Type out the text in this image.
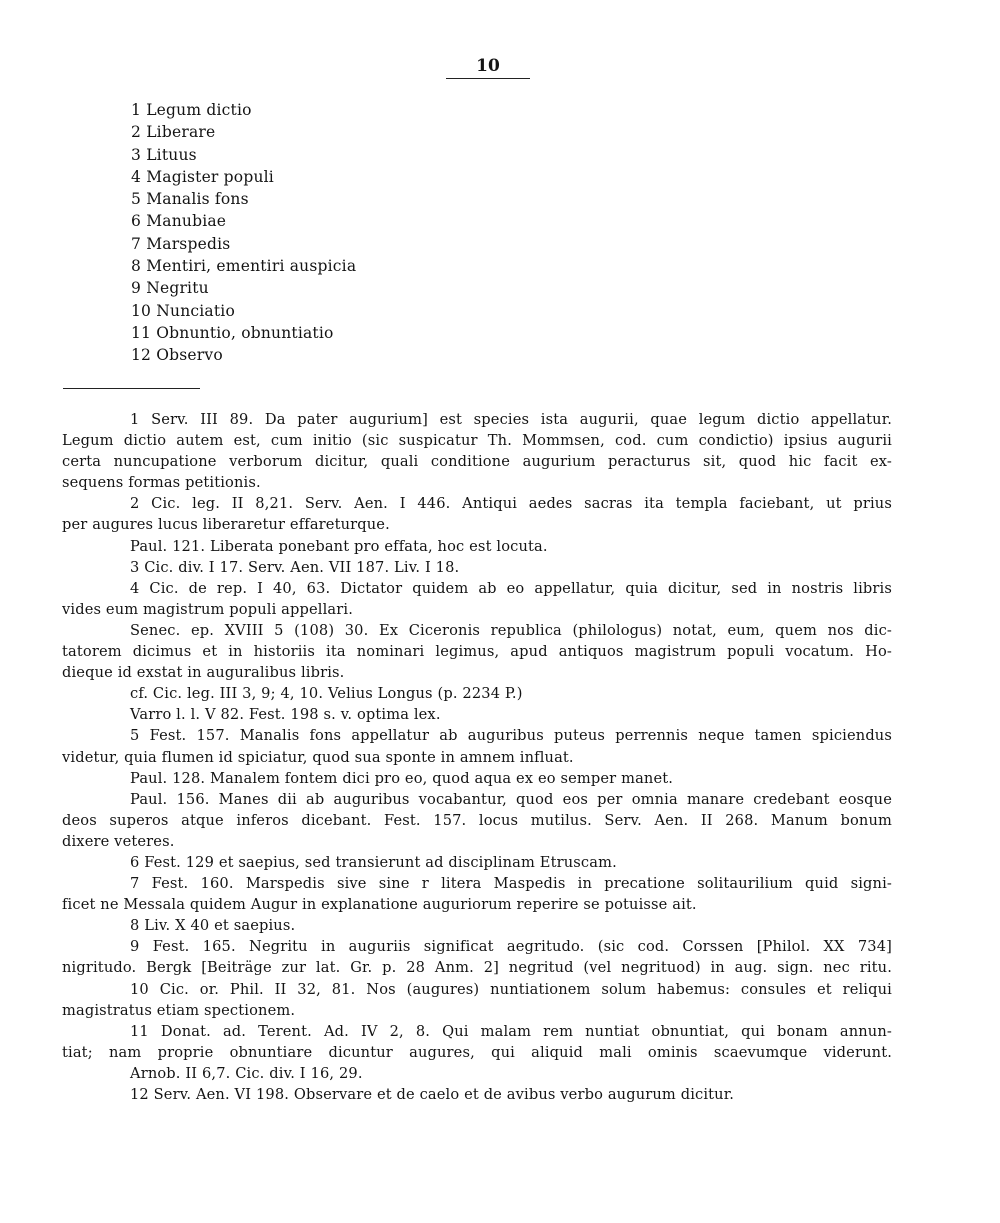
10
1 Legum dictio
2 Liberare
3 Lituus
4 Magister populi
5 Manalis fons
6 Manubiae
7 Marspedis
8 Mentiri, ementiri auspicia
9 Negritu
10 Nunciatio
11 Obnuntio, obnuntiatio
12 Observo
1 Serv. III 89. Da pater augurium] est species ista augurii, quae legum dictio appellatur.
Legum dictio autem est, cum initio (sic suspicatur Th. Mommsen, cod. cum condictio) ipsius augurii
certa nuncupatione verborum dicitur, quali conditione augurium peracturus sit, quod hic facit ex-
sequens formas petitionis.
2 Cic. leg. II 8,21. Serv. Aen. I 446. Antiqui aedes sacras ita templa faciebant, ut prius
per augures lucus liberaretur effareturque.
Paul. 121. Liberata ponebant pro effata, hoc est locuta.
3 Cic. div. I 17. Serv. Aen. VII 187. Liv. I 18.
4 Cic. de rep. I 40, 63. Dictator quidem ab eo appellatur, quia dicitur, sed in nostris libris
vides eum magistrum populi appellari.
Senec. ep. XVIII 5 (108) 30. Ex Ciceronis republica (philologus) notat, eum, quem nos dic-
tatorem dicimus et in historiis ita nominari legimus, apud antiquos magistrum populi vocatum. Ho-
dieque id exstat in auguralibus libris.
cf. Cic. leg. III 3, 9; 4, 10. Velius Longus (p. 2234 P.)
Varro l. l. V 82. Fest. 198 s. v. optima lex.
5 Fest. 157. Manalis fons appellatur ab auguribus puteus perrennis neque tamen spiciendus
videtur, quia flumen id spiciatur, quod sua sponte in amnem influat.
Paul. 128. Manalem fontem dici pro eo, quod aqua ex eo semper manet.
Paul. 156. Manes dii ab auguribus vocabantur, quod eos per omnia manare credebant eosque
deos superos atque inferos dicebant. Fest. 157. locus mutilus. Serv. Aen. II 268. Manum bonum
dixere veteres.
6 Fest. 129 et saepius, sed transierunt ad disciplinam Etruscam.
7 Fest. 160. Marspedis sive sine r litera Maspedis in precatione solitaurilium quid signi-
ficet ne Messala quidem Augur in explanatione auguriorum reperire se potuisse ait.
8 Liv. X 40 et saepius.
9 Fest. 165. Negritu in auguriis significat aegritudo. (sic cod. Corssen [Philol. XX 734]
nigritudo. Bergk [Beiträge zur lat. Gr. p. 28 Anm. 2] negritud (vel negrituod) in aug. sign. nec ritu.
10 Cic. or. Phil. II 32, 81. Nos (augures) nuntiationem solum habemus: consules et reliqui
magistratus etiam spectionem.
11 Donat. ad. Terent. Ad. IV 2, 8. Qui malam rem nuntiat obnuntiat, qui bonam annun-
tiat; nam proprie obnuntiare dicuntur augures, qui aliquid mali ominis scaevumque viderunt.
Arnob. II 6,7. Cic. div. I 16, 29.
12 Serv. Aen. VI 198. Observare et de caelo et de avibus verbo augurum dicitur.
